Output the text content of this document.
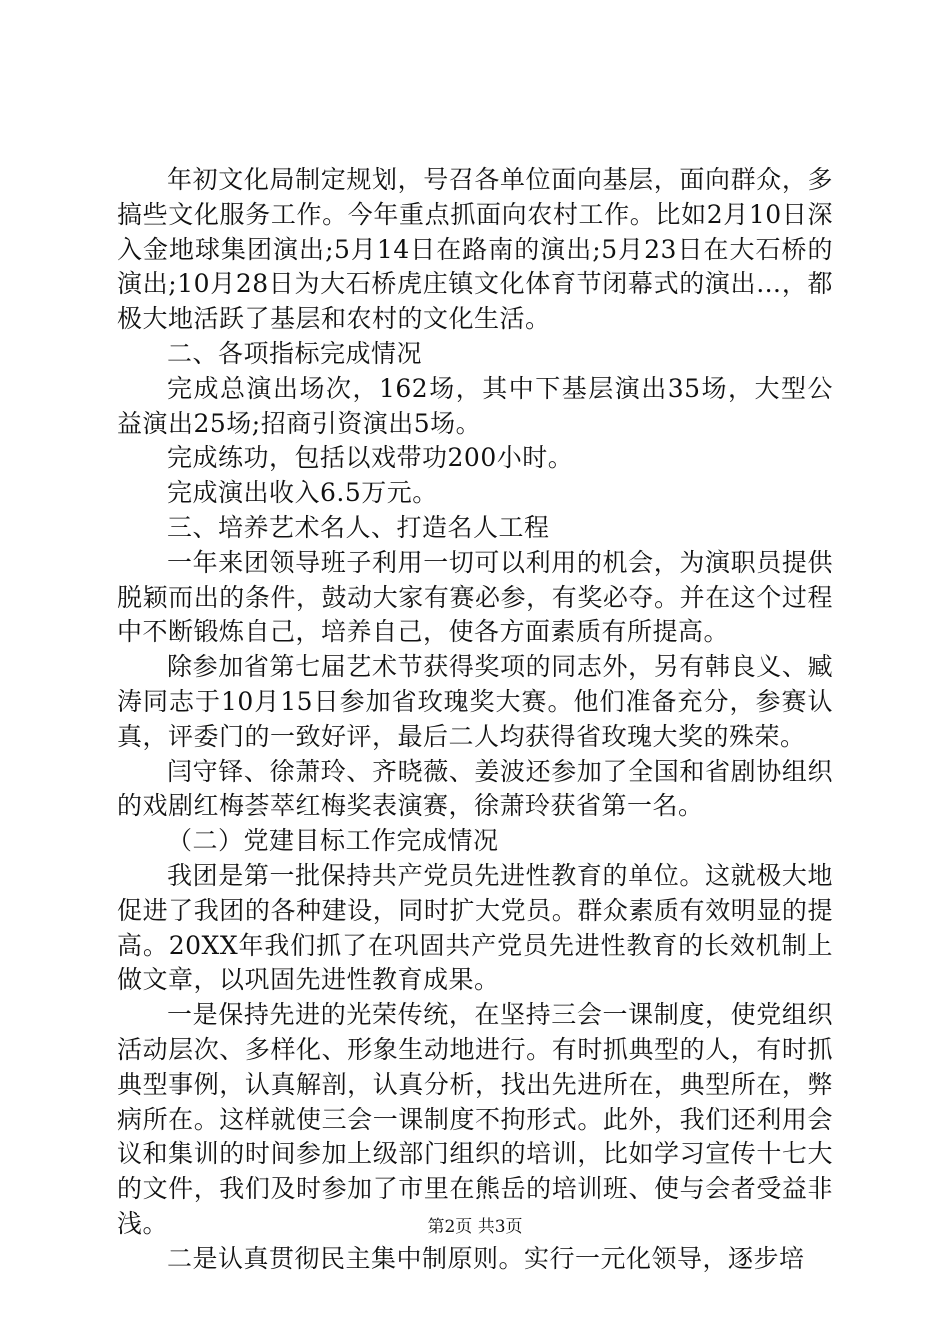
年初文化局制定规划，号召各单位面向基层，面向群众，多搞些文化服务工作。今年重点抓面向农村工作。比如2月10日深入金地球集团演出;5月14日在路南的演出;5月23日在大石桥的演出;10月28日为大石桥虎庄镇文化体育节闭幕式的演出…，都极大地活跃了基层和农村的文化生活。

二、各项指标完成情况

完成总演出场次，162场，其中下基层演出35场，大型公益演出25场;招商引资演出5场。

完成练功，包括以戏带功200小时。

完成演出收入6.5万元。

三、培养艺术名人、打造名人工程

一年来团领导班子利用一切可以利用的机会，为演职员提供脱颖而出的条件，鼓动大家有赛必参，有奖必夺。并在这个过程中不断锻炼自己，培养自己，使各方面素质有所提高。

除参加省第七届艺术节获得奖项的同志外，另有韩良义、臧涛同志于10月15日参加省玫瑰奖大赛。他们准备充分，参赛认真，评委门的一致好评，最后二人均获得省玫瑰大奖的殊荣。

闫守铎、徐萧玲、齐晓薇、姜波还参加了全国和省剧协组织的戏剧红梅荟萃红梅奖表演赛，徐萧玲获省第一名。

（二）党建目标工作完成情况

我团是第一批保持共产党员先进性教育的单位。这就极大地促进了我团的各种建设，同时扩大党员。群众素质有效明显的提高。20XX年我们抓了在巩固共产党员先进性教育的长效机制上做文章，以巩固先进性教育成果。

一是保持先进的光荣传统，在坚持三会一课制度，使党组织活动层次、多样化、形象生动地进行。有时抓典型的人，有时抓典型事例，认真解剖，认真分析，找出先进所在，典型所在，弊病所在。这样就使三会一课制度不拘形式。此外，我们还利用会议和集训的时间参加上级部门组织的培训，比如学习宣传十七大的文件，我们及时参加了市里在熊岳的培训班、使与会者受益非浅。

二是认真贯彻民主集中制原则。实行一元化领导，逐步培

第2页 共3页
